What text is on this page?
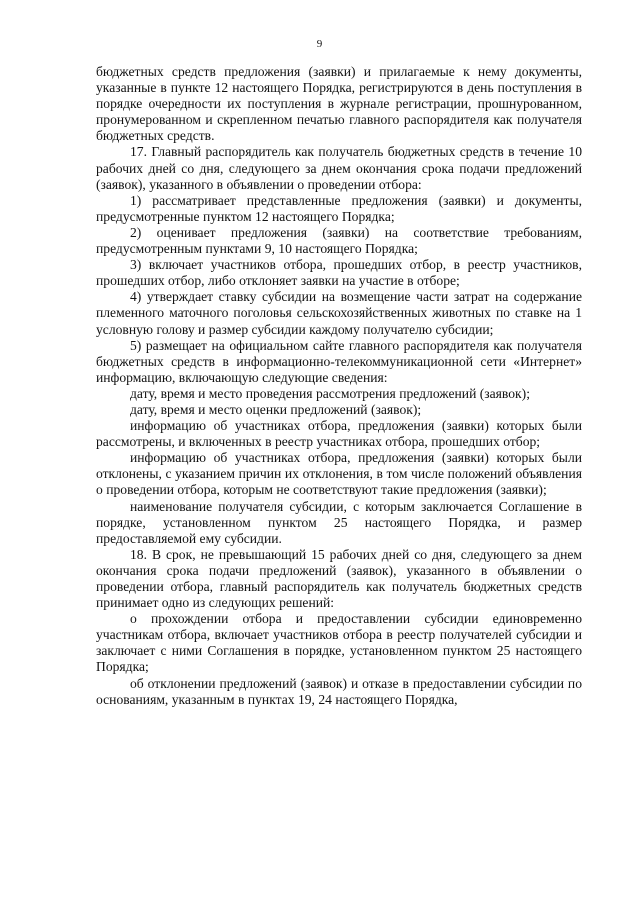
9

бюджетных средств предложения (заявки) и прилагаемые к нему документы, указанные в пункте 12 настоящего Порядка, регистрируются в день поступления в порядке очередности их поступления в журнале регистрации, прошнурованном, пронумерованном и скрепленном печатью главного распорядителя как получателя бюджетных средств.

17. Главный распорядитель как получатель бюджетных средств в течение 10 рабочих дней со дня, следующего за днем окончания срока подачи предложений (заявок), указанного в объявлении о проведении отбора:

1) рассматривает представленные предложения (заявки) и документы, предусмотренные пунктом 12 настоящего Порядка;

2) оценивает предложения (заявки) на соответствие требованиям, предусмотренным пунктами 9, 10 настоящего Порядка;

3) включает участников отбора, прошедших отбор, в реестр участников, прошедших отбор, либо отклоняет заявки на участие в отборе;

4) утверждает ставку субсидии на возмещение части затрат на содержание племенного маточного поголовья сельскохозяйственных животных по ставке на 1 условную голову и размер субсидии каждому получателю субсидии;

5) размещает на официальном сайте главного распорядителя как получателя бюджетных средств в информационно-телекоммуникационной сети «Интернет» информацию, включающую следующие сведения:

дату, время и место проведения рассмотрения предложений (заявок);

дату, время и место оценки предложений (заявок);

информацию об участниках отбора, предложения (заявки) которых были рассмотрены, и включенных в реестр участниках отбора, прошедших отбор;

информацию об участниках отбора, предложения (заявки) которых были отклонены, с указанием причин их отклонения, в том числе положений объявления о проведении отбора, которым не соответствуют такие предложения (заявки);

наименование получателя субсидии, с которым заключается Соглашение в порядке, установленном пунктом 25 настоящего Порядка, и размер предоставляемой ему субсидии.

18. В срок, не превышающий 15 рабочих дней со дня, следующего за днем окончания срока подачи предложений (заявок), указанного в объявлении о проведении отбора, главный распорядитель как получатель бюджетных средств принимает одно из следующих решений:

о прохождении отбора и предоставлении субсидии единовременно участникам отбора, включает участников отбора в реестр получателей субсидии и заключает с ними Соглашения в порядке, установленном пунктом 25 настоящего Порядка;

об отклонении предложений (заявок) и отказе в предоставлении субсидии по основаниям, указанным в пунктах 19, 24 настоящего Порядка,
